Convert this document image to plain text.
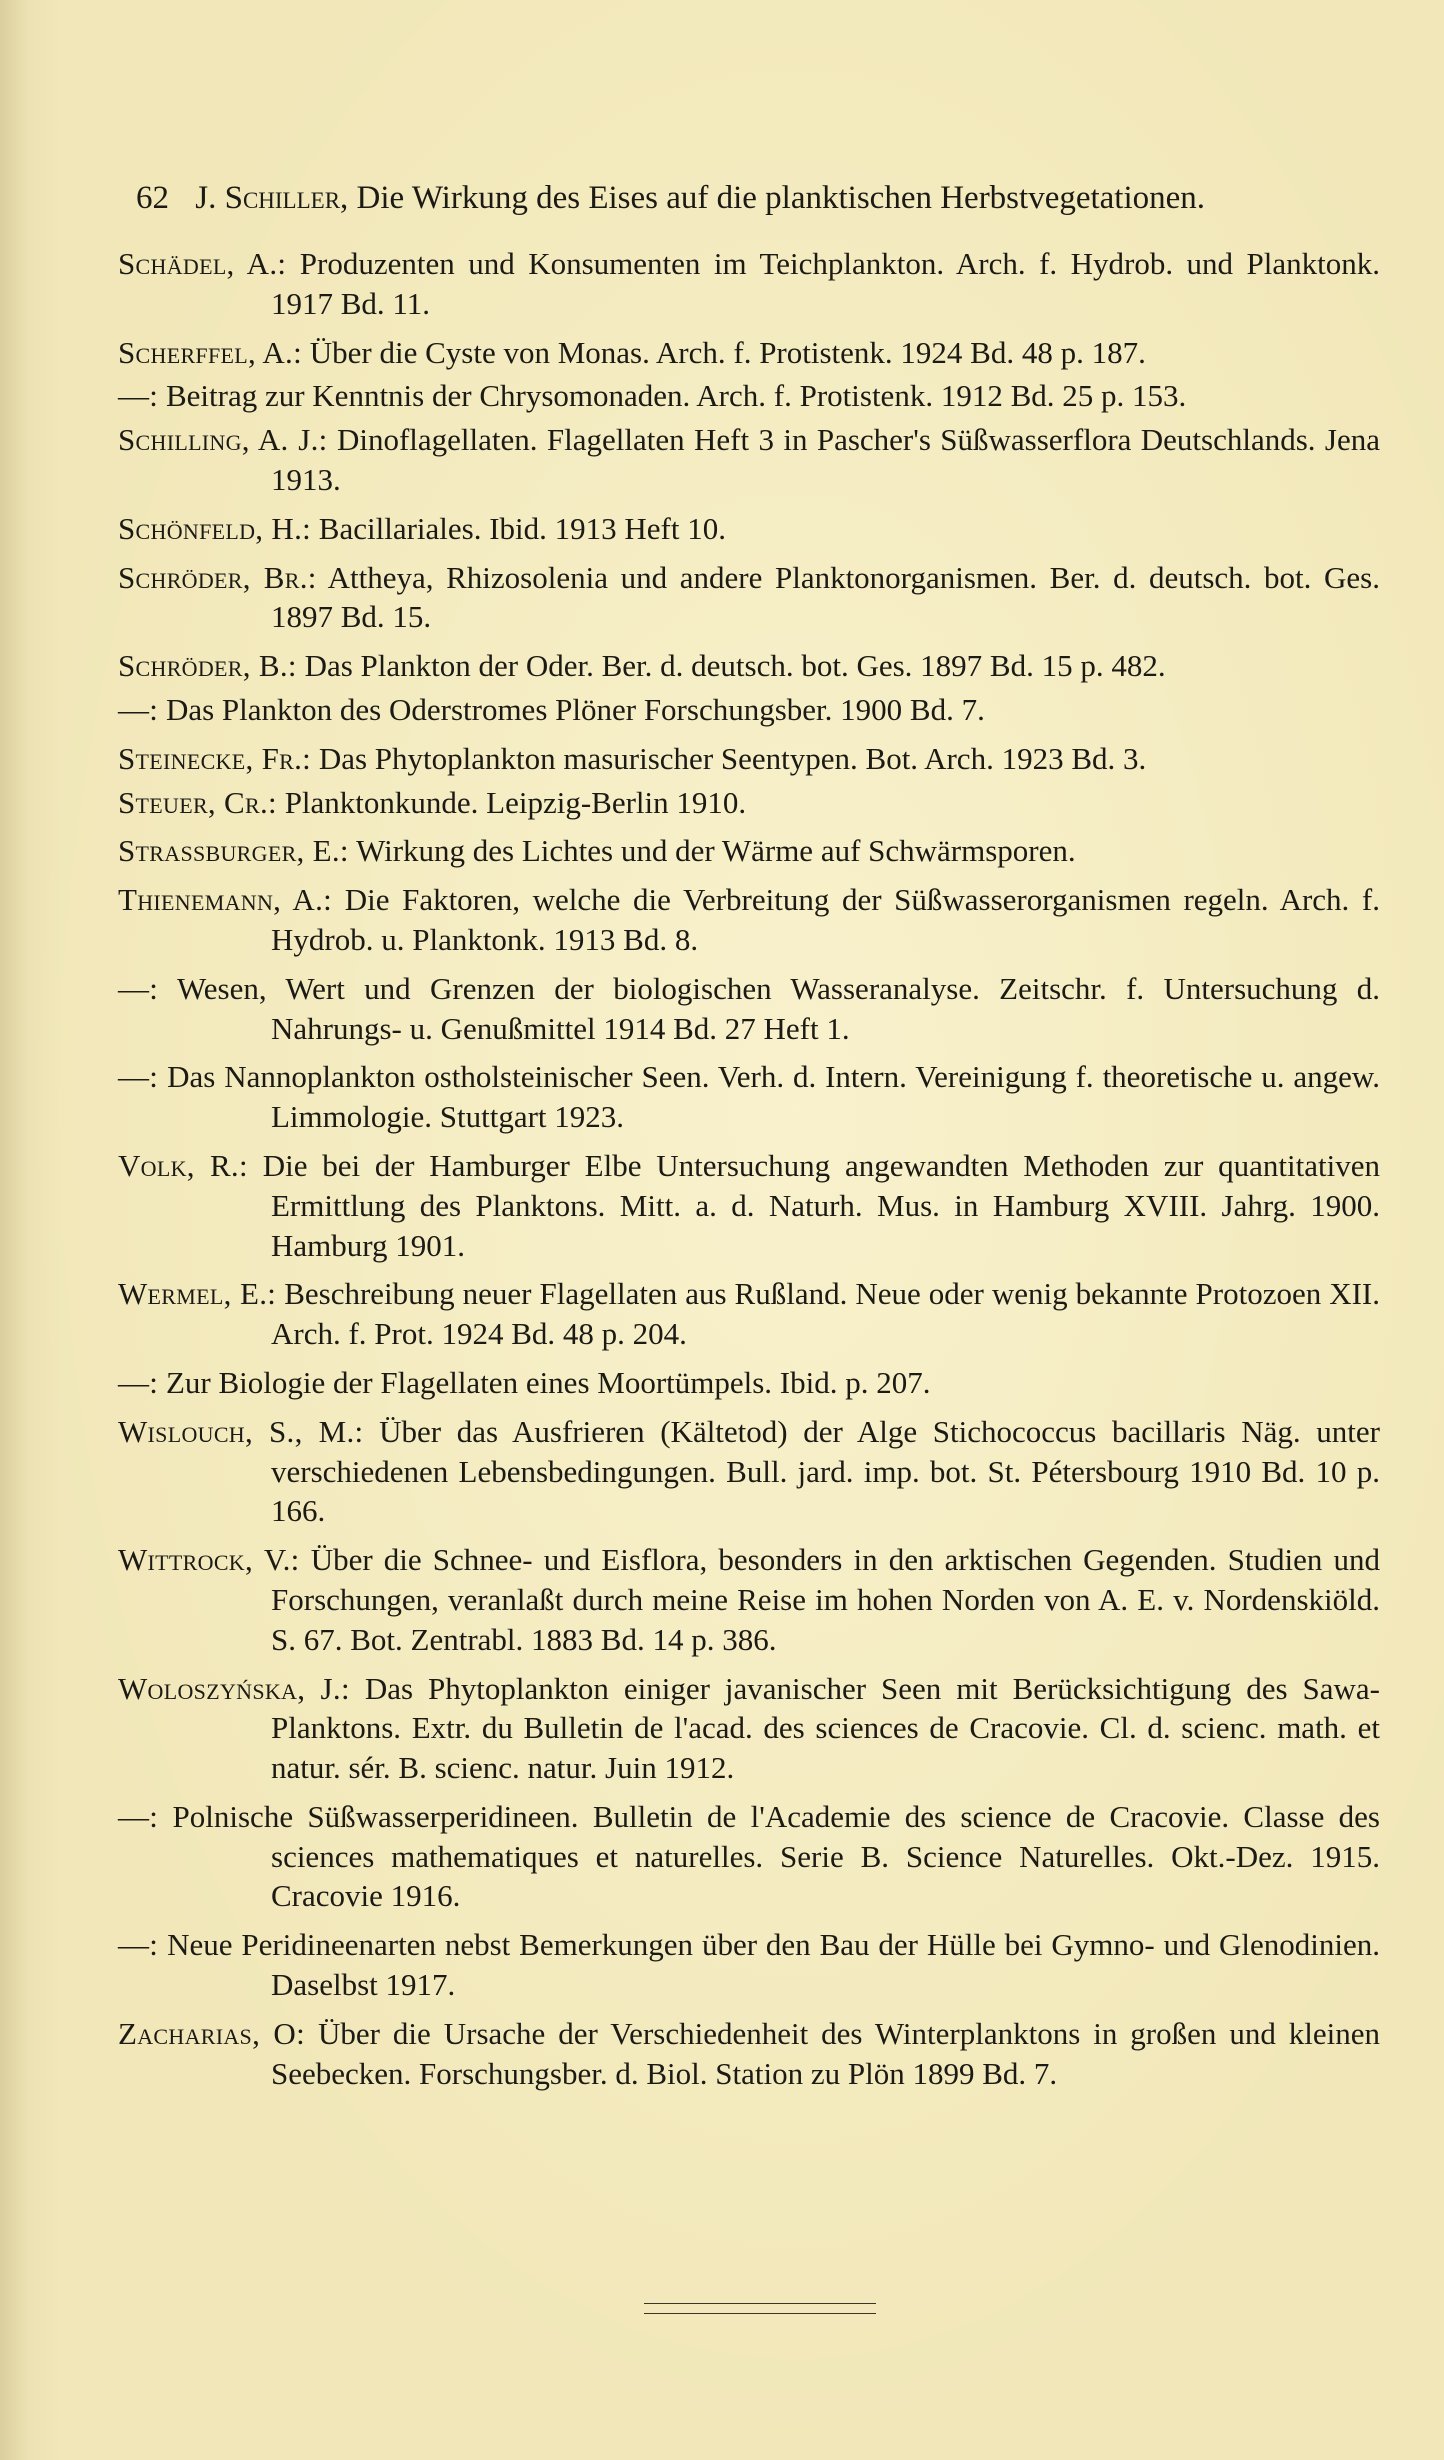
62 J. Schiller, Die Wirkung des Eises auf die planktischen Herbstvegetationen.

Schädel, A.: Produzenten und Konsumenten im Teichplankton. Arch. f. Hydrob. und Planktonk. 1917 Bd. 11.

Scherffel, A.: Über die Cyste von Monas. Arch. f. Protistenk. 1924 Bd. 48 p. 187.

—: Beitrag zur Kenntnis der Chrysomonaden. Arch. f. Protistenk. 1912 Bd. 25 p. 153.

Schilling, A. J.: Dinoflagellaten. Flagellaten Heft 3 in Pascher's Süßwasserflora Deutschlands. Jena 1913.

Schönfeld, H.: Bacillariales. Ibid. 1913 Heft 10.

Schröder, Br.: Attheya, Rhizosolenia und andere Planktonorganismen. Ber. d. deutsch. bot. Ges. 1897 Bd. 15.

Schröder, B.: Das Plankton der Oder. Ber. d. deutsch. bot. Ges. 1897 Bd. 15 p. 482.

—: Das Plankton des Oderstromes Plöner Forschungsber. 1900 Bd. 7.

Steinecke, Fr.: Das Phytoplankton masurischer Seentypen. Bot. Arch. 1923 Bd. 3.

Steuer, Cr.: Planktonkunde. Leipzig-Berlin 1910.

Strassburger, E.: Wirkung des Lichtes und der Wärme auf Schwärmsporen.

Thienemann, A.: Die Faktoren, welche die Verbreitung der Süßwasserorganismen regeln. Arch. f. Hydrob. u. Planktonk. 1913 Bd. 8.

—: Wesen, Wert und Grenzen der biologischen Wasseranalyse. Zeitschr. f. Untersuchung d. Nahrungs- u. Genußmittel 1914 Bd. 27 Heft 1.

—: Das Nannoplankton ostholsteinischer Seen. Verh. d. Intern. Vereinigung f. theoretische u. angew. Limmologie. Stuttgart 1923.

Volk, R.: Die bei der Hamburger Elbe Untersuchung angewandten Methoden zur quantitativen Ermittlung des Planktons. Mitt. a. d. Naturh. Mus. in Hamburg XVIII. Jahrg. 1900. Hamburg 1901.

Wermel, E.: Beschreibung neuer Flagellaten aus Rußland. Neue oder wenig bekannte Protozoen XII. Arch. f. Prot. 1924 Bd. 48 p. 204.

—: Zur Biologie der Flagellaten eines Moortümpels. Ibid. p. 207.

Wislouch, S., M.: Über das Ausfrieren (Kältetod) der Alge Stichococcus bacillaris Näg. unter verschiedenen Lebensbedingungen. Bull. jard. imp. bot. St. Pétersbourg 1910 Bd. 10 p. 166.

Wittrock, V.: Über die Schnee- und Eisflora, besonders in den arktischen Gegenden. Studien und Forschungen, veranlaßt durch meine Reise im hohen Norden von A. E. v. Nordenskiöld. S. 67. Bot. Zentrabl. 1883 Bd. 14 p. 386.

Woloszyńska, J.: Das Phytoplankton einiger javanischer Seen mit Berücksichtigung des Sawa-Planktons. Extr. du Bulletin de l'acad. des sciences de Cracovie. Cl. d. scienc. math. et natur. sér. B. scienc. natur. Juin 1912.

—: Polnische Süßwasserperidineen. Bulletin de l'Academie des science de Cracovie. Classe des sciences mathematiques et naturelles. Serie B. Science Naturelles. Okt.-Dez. 1915. Cracovie 1916.

—: Neue Peridineenarten nebst Bemerkungen über den Bau der Hülle bei Gymno- und Glenodinien. Daselbst 1917.

Zacharias, O: Über die Ursache der Verschiedenheit des Winterplanktons in großen und kleinen Seebecken. Forschungsber. d. Biol. Station zu Plön 1899 Bd. 7.
